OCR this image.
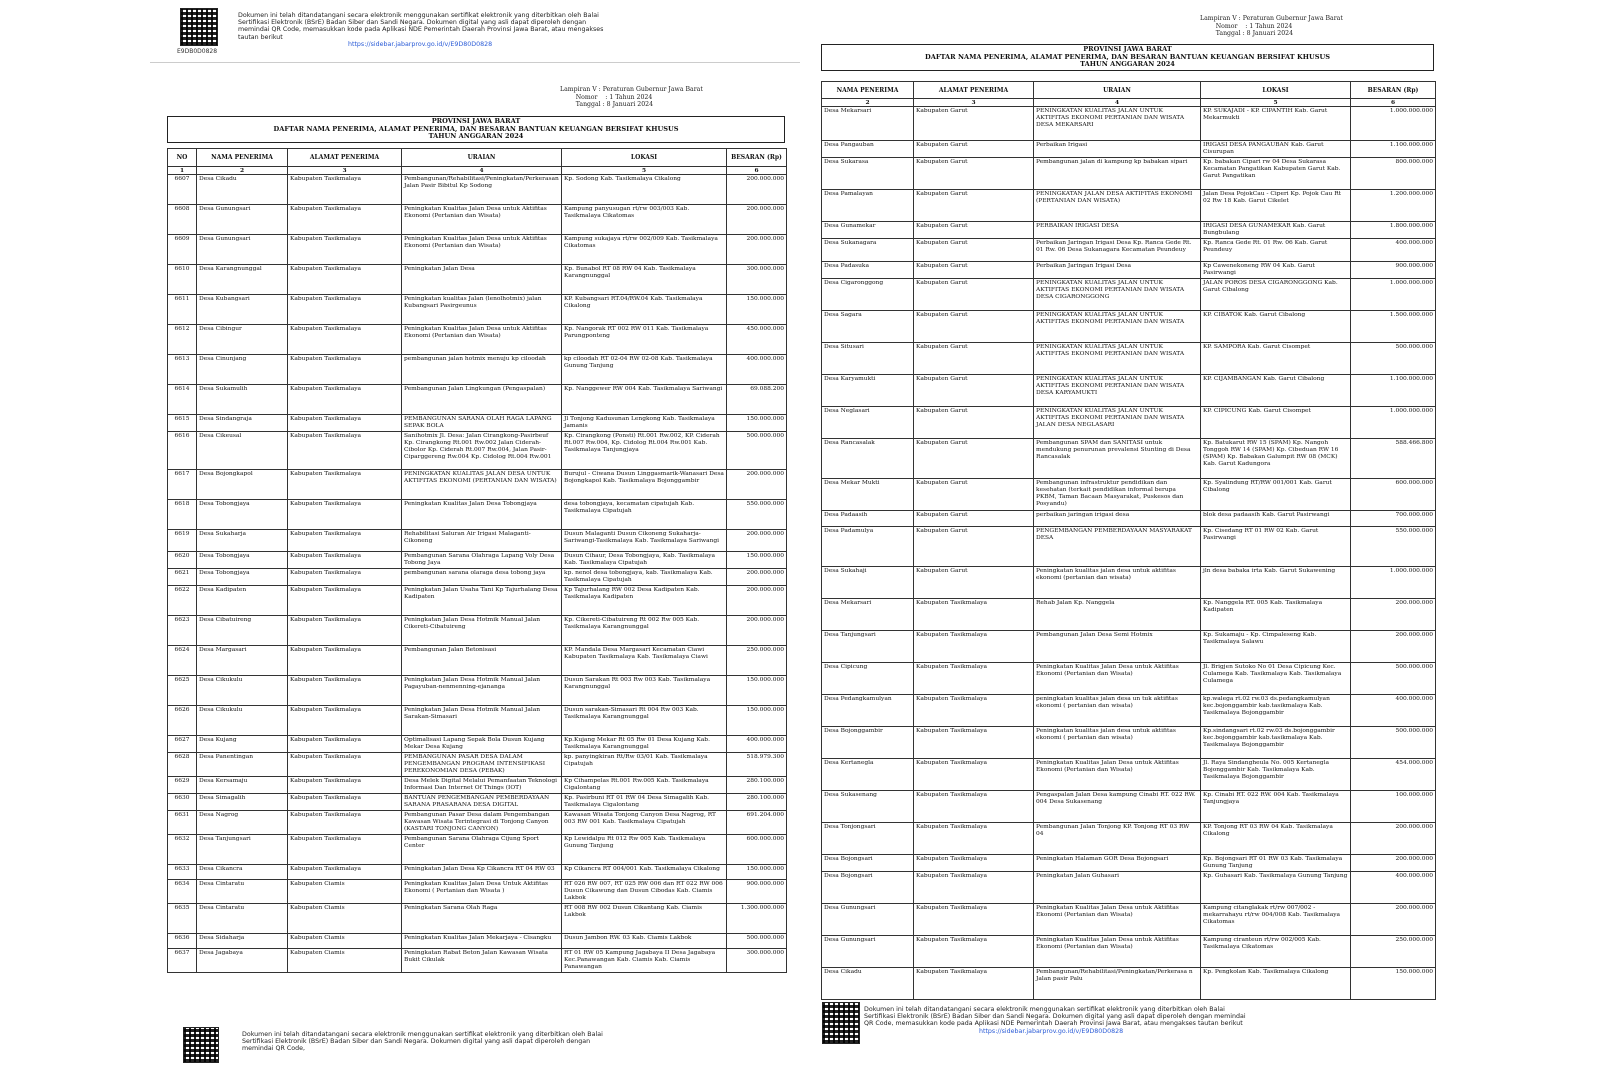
E9DB0D0828
Dokumen ini telah ditandatangani secara elektronik menggunakan sertifikat elektronik yang diterbitkan oleh Balai Sertifikasi Elektronik (BSrE) Badan Siber dan Sandi Negara. Dokumen digital yang asli dapat diperoleh dengan memindai QR Code, memasukkan kode pada Aplikasi NDE Pemerintah Daerah Provinsi Jawa Barat, atau mengakses tautan berikut
https://sidebar.jabarprov.go.id/v/E9D80D0828
Lampiran V : Peraturan Gubernur Jawa Barat
Nomor    : 1 Tahun 2024
Tanggal : 8 Januari 2024
PROVINSI JAWA BARAT
DAFTAR NAMA PENERIMA, ALAMAT PENERIMA, DAN BESARAN BANTUAN KEUANGAN BERSIFAT KHUSUS
TAHUN ANGGARAN 2024
NO	NAMA PENERIMA	ALAMAT PENERIMA	URAIAN	LOKASI	BESARAN (Rp)
1	2	3	4	5	6
6607	Desa Cikadu	Kabupaten Tasikmalaya	Pembangunan/Rehabilitasi/Peningkatan/Perkerasan Jalan Pasir Bibitul Kp Sodong	Kp. Sodong Kab. Tasikmalaya Cikalong	200.000.000
6608	Desa Gunungsari	Kabupaten Tasikmalaya	Peningkatan Kualitas Jalan Desa untuk Aktifitas Ekonomi (Pertanian dan Wisata)	Kampung panyusugan rt/rw 003/003 Kab. Tasikmalaya Cikatomas	200.000.000
6609	Desa Gunungsari	Kabupaten Tasikmalaya	Peningkatan Kualitas Jalan Desa untuk Aktifitas Ekonomi (Pertanian dan Wisata)	Kampung sukajaya rt/rw 002/009 Kab. Tasikmalaya Cikatomas	200.000.000
6610	Desa Karangnunggal	Kabupaten Tasikmalaya	Peningkatan Jalan Desa	Kp. Bunabol RT 08 RW 04 Kab. Tasikmalaya Karangnunggal	300.000.000
6611	Desa Kubangsari	Kabupaten Tasikmalaya	Peningkatan kualitas Jalan (lenolhotmix) jalan Kubangsari Pasirgeunus	KP. Kubangsari RT.04/RW.04 Kab. Tasikmalaya Cikalong	150.000.000
6612	Desa Cibingur	Kabupaten Tasikmalaya	Peningkatan Kualitas Jalan Desa untuk Aktifitas Ekonomi (Pertanian dan Wisata)	Kp. Nangorak RT 002 RW 011 Kab. Tasikmalaya Parungponteng	450.000.000
6613	Desa Cinunjang	Kabupaten Tasikmalaya	pembangunan jalan hotmix menuju kp ciloodah	kp ciloodah RT 02-04 RW 02-08 Kab. Tasikmalaya Gunung Tanjung	400.000.000
6614	Desa Sukamulih	Kabupaten Tasikmalaya	Pembangunan Jalan Lingkungan (Pengaspalan)	Kp. Nanggewer RW 004 Kab. Tasikmalaya Sariwangi	69.088.200
6615	Desa Sindangraja	Kabupaten Tasikmalaya	PEMBANGUNAN SARANA OLAH RAGA LAPANG SEPAK BOLA	Jl Tonjong Kadusunan Lengkong Kab. Tasikmalaya Jamanis	150.000.000
6616	Desa Cikeusal	Kabupaten Tasikmalaya	Sanihotmix Jl. Desa: Jalan Cirangkong-Pasirbeuf Kp. Cirangkong Rt.001 Rw.002 Jalan Ciderah-Cibolor Kp. Ciderah Rt.007 Rw.004, Jalan Pasir-Ciparggereng Rw.004 Kp. Cidolog Rt.004 Rw.001	Kp. Cirangkong (Ponsti) Rt.001 Rw.002, KP. Ciderah Rt.007 Rw.004, Kp. Cidolog Rt.004 Rw.001 Kab. Tasikmalaya Tanjungjaya	500.000.000
6617	Desa Bojongkapol	Kabupaten Tasikmalaya	PENINGKATAN KUALITAS JALAN DESA UNTUK AKTIFITAS EKONOMI (PERTANIAN DAN WISATA)	Burujul - Ciwana Dusun Linggasmarik-Wanasari Desa Bojongkapol Kab. Tasikmalaya Bojonggambir	200.000.000
6618	Desa Tobongjaya	Kabupaten Tasikmalaya	Peningkatan Kualitas Jalan Desa Tobongjaya	desa tobongjaya, kecamatan cipatujah Kab. Tasikmalaya Cipatujah	550.000.000
6619	Desa Sukaharja	Kabupaten Tasikmalaya	Rehabilitasi Saluran Air Irigasi Malaganti-Cikoneng	Dusun Malaganti Dusun Cikoneng Sukaharja-Sariwangi-Tasikmalaya Kab. Tasikmalaya Sariwangi	200.000.000
6620	Desa Tobongjaya	Kabupaten Tasikmalaya	Pembangunan Sarana Olahraga Lapang Voly Desa Tobong Jaya	Dusun Cihaur, Desa Tobongjaya, Kab. Tasikmalaya Kab. Tasikmalaya Cipatujah	150.000.000
6621	Desa Tobongjaya	Kabupaten Tasikmalaya	pembangunan sarana olaraga desa tobong jaya	kp. nenol desa tobongjaya, kab. Tasikmalaya Kab. Tasikmalaya Cipatujah	200.000.000
6622	Desa Kadipaten	Kabupaten Tasikmalaya	Peningkatan Jalan Usaha Tani Kp Tajurhalang Desa Kadipaten	Kp Tajurhalang RW 002 Desa Kadipaten Kab. Tasikmalaya Kadipaten	200.000.000
6623	Desa Cibatuireng	Kabupaten Tasikmalaya	Peningkatan Jalan Desa Hotmik Manual Jalan Cikereti-Cibatuireng	Kp. Cikereti-Cibatuireng Rt 002 Rw 005 Kab. Tasikmalaya Karangnunggal	200.000.000
6624	Desa Margasari	Kabupaten Tasikmalaya	Pembangunan Jalan Betonisasi	KP. Mandala Desa Margasari Kecamatan Ciawi Kabupaten Tasikmalaya Kab. Tasikmalaya Ciawi	250.000.000
6625	Desa Cikukulu	Kabupaten Tasikmalaya	Peningkatan Jalan Desa Hotmik Manual Jalan Pagayuban-nenmenning-ejananga	Dusun Sarakan Rt 003 Rw 003 Kab. Tasikmalaya Karangnunggal	150.000.000
6626	Desa Cikukulu	Kabupaten Tasikmalaya	Peningkatan Jalan Desa Hotmik Manual Jalan Sarakan-Simasari	Dusun sarakan-Simasari Rt 004 Rw 003 Kab. Tasikmalaya Karangnunggal	150.000.000
6627	Desa Kujang	Kabupaten Tasikmalaya	Optimalisasi Lapang Sepak Bola Dusun Kujang Mekar Desa Kujang	Kp.Kujang Mekar Rt 05 Rw 01 Desa Kujang Kab. Tasikmalaya Karangnunggal	400.000.000
6628	Desa Panentingan	Kabupaten Tasikmalaya	PEMBANGUNAN PASAR DESA DALAM PENGEMBANGAN PROGRAM INTENSIFIKASI PEREKONOMIAN DESA (PEBAK)	kp. panyingkiran Rt/Rw 03/01 Kab. Tasikmalaya Cipatujah	518.979.300
6629	Desa Kersamaju	Kabupaten Tasikmalaya	Desa Melek Digital Melalui Pemanfaatan Teknologi Informasi Dan Internet Of Things (IOT)	Kp Cihampelas Rt.001 Rw.005 Kab. Tasikmalaya Cigalontang	280.100.000
6630	Desa Simagalih	Kabupaten Tasikmalaya	BANTUAN PENGEMBANGAN PEMBERDAYAAN SARANA PRASARANA DESA DIGITAL	Kp. Pasirbuni RT 01 RW 04 Desa Simagalih Kab. Tasikmalaya Cigalontang	280.100.000
6631	Desa Nagrog	Kabupaten Tasikmalaya	Pembangunan Pasar Desa dalam Pengembangan Kawasan Wisata Terintegrasi di Tonjong Canyon (KASTARI TONJONG CANYON)	Kawasan Wisata Tonjong Canyon Desa Nagrog, RT 003 RW 001 Kab. Tasikmalaya Cipatujah	691.204.000
6632	Desa Tanjungsari	Kabupaten Tasikmalaya	Pembangunan Sarana Olahraga Cijung Sport Center	Kp Lewidalpu Rt 012 Rw 005 Kab. Tasikmalaya Gunung Tanjung	600.000.000
6633	Desa Cikancra	Kabupaten Tasikmalaya	Peningkatan Jalan Desa Kp Cikancra RT 04 RW 03	Kp Cikancra RT 004/001 Kab. Tasikmalaya Cikalong	150.000.000
6634	Desa Cintaratu	Kabupaten Ciamis	Peningkatan Kualitas Jalan Desa Untuk Aktifitas Ekonomi ( Pertanian dan Wisata )	RT 026 RW 007, RT 025 RW 006 dan RT 022 RW 006 Dusun Cikawung dan Dusun Cibodas Kab. Ciamis Lakbok	900.000.000
6635	Desa Cintaratu	Kabupaten Ciamis	Peningkatan Sarana Olah Raga	RT 008 RW 002 Dusun Cikantang Kab. Ciamis Lakbok	1.300.000.000
6636	Desa Sidaharja	Kabupaten Ciamis	Peningkatan Kualitas Jalan Mekarjaya - Cisangku	Dusun Jambon RW. 03 Kab. Ciamis Lakbok	500.000.000
6637	Desa Jagabaya	Kabupaten Ciamis	Peningkatan Rabat Beton Jalan Kawasan Wisata Bukit Cikulak	RT 01 RW 05 Kampung Jagabaya II Desa Jagabaya Kec.Panawangan Kab. Ciamis Kab. Ciamis Panawangan	300.000.000
Dokumen ini telah ditandatangani secara elektronik menggunakan sertifikat elektronik yang diterbitkan oleh Balai Sertifikasi Elektronik (BSrE) Badan Siber dan Sandi Negara. Dokumen digital yang asli dapat diperoleh dengan memindai QR Code,
Lampiran V : Peraturan Gubernur Jawa Barat
Nomor    : 1 Tahun 2024
Tanggal : 8 Januari 2024
PROVINSI JAWA BARAT
DAFTAR NAMA PENERIMA, ALAMAT PENERIMA, DAN BESARAN BANTUAN KEUANGAN BERSIFAT KHUSUS
TAHUN ANGGARAN 2024
NAMA PENERIMA	ALAMAT PENERIMA	URAIAN	LOKASI	BESARAN (Rp)
2	3	4	5	6
Desa Mekarsari	Kabupaten Garut	PENINGKATAN KUALITAS JALAN UNTUK AKTIFITAS EKONOMI PERTANIAN DAN WISATA DESA MEKARSARI	KP. SUKAJADI - KP. CIPANTIH Kab. Garut Mekarmukti	1.000.000.000
Desa Pangauban	Kabupaten Garut	Perbaikan Irigasi	IRIGASI DESA PANGAUBAN Kab. Garut Cisurupan	1.100.000.000
Desa Sukarasa	Kabupaten Garut	Pembangunan jalan di kampung kp babakan sipari	Kp. babakan Cipari rw 04 Desa Sukarasa Kecamatan Pangatikan Kabupaten Garut Kab. Garut Pangatikan	800.000.000
Desa Pamalayan	Kabupaten Garut	PENINGKATAN JALAN DESA AKTIFITAS EKONOMI (PERTANIAN DAN WISATA)	Jalan Desa PojokCau - Ciperi Kp. Pojok Cau Rt 02 Rw 18 Kab. Garut Cikelet	1.200.000.000
Desa Gunamekar	Kabupaten Garut	PERBAIKAN IRIGASI DESA	IRIGASI DESA GUNAMEKAR Kab. Garut Bungbulang	1.800.000.000
Desa Sukanagara	Kabupaten Garut	Perbaikan Jaringan Irigasi Desa Kp. Ranca Gede Rt. 01 Rw. 06 Desa Sukanagara Kecamatan Peundeuy	Kp. Ranca Gede Rt. 01 Rw. 06 Kab. Garut Peundeuy	400.000.000
Desa Padasuka	Kabupaten Garut	Perbaikan Jaringan Irigasi Desa	Kp Cawenekoneng RW 04 Kab. Garut Pasirwangi	900.000.000
Desa Cigaronggong	Kabupaten Garut	PENINGKATAN KUALITAS JALAN UNTUK AKTIFITAS EKONOMI PERTANIAN DAN WISATA DESA CIGARONGGONG	JALAN POROS DESA CIGARONGGONG Kab. Garut Cibalong	1.000.000.000
Desa Sagara	Kabupaten Garut	PENINGKATAN KUALITAS JALAN UNTUK AKTIFITAS EKONOMI PERTANIAN DAN WISATA	KP. CIBATOK Kab. Garut Cibalong	1.500.000.000
Desa Situsari	Kabupaten Garut	PENINGKATAN KUALITAS JALAN UNTUK AKTIFITAS EKONOMI PERTANIAN DAN WISATA	KP. SAMPORA Kab. Garut Cisompet	500.000.000
Desa Karyamukti	Kabupaten Garut	PENINGKATAN KUALITAS JALAN UNTUK AKTIFITAS EKONOMI PERTANIAN DAN WISATA DESA KARYAMUKTI	KP. CIJAMBANGAN Kab. Garut Cibalong	1.100.000.000
Desa Neglasari	Kabupaten Garut	PENINGKATAN KUALITAS JALAN UNTUK AKTIFITAS EKONOMI PERTANIAN DAN WISATA JALAN DESA NEGLASARI	KP. CIPICUNG Kab. Garut Cisompet	1.000.000.000
Desa Rancasalak	Kabupaten Garut	Pembangunan SPAM dan SANITASI untuk mendukung penurunan prevalensi Stunting di Desa Rancasalak	Kp. Batukarut RW 15 (SPAM) Kp. Nangoh Tonggoh RW 14 (SPAM) Kp. Cibeduan RW 16 (SPAM) Kp. Babakan Galumpit RW 08 (MCK) Kab. Garut Kadungora	588.466.800
Desa Mekar Mukti	Kabupaten Garut	Pembangunan infrastruktur pendidikan dan kesehatan (terkait pendidikan informal berupa PKBM, Taman Bacaan Masyarakat, Puskesos dan Posyandu)	Kp. Syalindung RT/RW 001/001 Kab. Garut Cibalong	600.000.000
Desa Padaasih	Kabupaten Garut	perbaikan jaringan irigasi desa	blok desa padaasih Kab. Garut Pasirwangi	700.000.000
Desa Padamulya	Kabupaten Garut	PENGEMBANGAN PEMBERDAYAAN MASYARAKAT DESA	Kp. Cisedang RT 01 RW 02 Kab. Garut Pasirwangi	550.000.000
Desa Sukahaji	Kabupaten Garut	Peningkatan kualitas jalan desa untuk aktifitas ekonomi (pertanian dan wisata)	jln desa babaka irta Kab. Garut Sukawening	1.000.000.000
Desa Mekarsari	Kabupaten Tasikmalaya	Rehab Jalan Kp. Nanggela	Kp. Nanggela RT. 005 Kab. Tasikmalaya Kadipaten	200.000.000
Desa Tanjungsari	Kabupaten Tasikmalaya	Pembangunan Jalan Desa Semi Hotmix	Kp. Sukamaju - Kp. Cimpaleseng Kab. Tasikmalaya Salawu	200.000.000
Desa Cipicung	Kabupaten Tasikmalaya	Peningkatan Kualitas Jalan Desa untuk Aktifitas Ekonomi (Pertanian dan Wisata)	Jl. Brigjen Sutoko No 01 Desa Cipicung Kec. Culamega Kab. Tasikmalaya Kab. Tasikmalaya Culamega	500.000.000
Desa Pedangkamulyan	Kabupaten Tasikmalaya	peningkatan kualitas jalan desa un tuk aktifitas ekonomi ( pertanian dan wisata)	kp.walega rt.02 rw.03 ds.pedangkamulyan kec.bojonggambir kab.tasikmalaya Kab. Tasikmalaya Bojonggambir	400.000.000
Desa Bojonggambir	Kabupaten Tasikmalaya	Peningkatan kualitas jalan desa untuk aktifitas ekonomi ( pertanian dan wisata)	Kp.sindangsari rt.02 rw.03 ds.bojonggambir kec.bojonggambir kab.tasikmalaya Kab. Tasikmalaya Bojonggambir	500.000.000
Desa Kertanegla	Kabupaten Tasikmalaya	Peningkatan Kualitas Jalan Desa untuk Aktifitas Ekonomi (Pertanian dan Wisata)	Jl. Raya Sindangheula No. 005 Kertanegla Bojonggambir Kab. Tasikmalaya Kab. Tasikmalaya Bojonggambir	454.000.000
Desa Sukasenang	Kabupaten Tasikmalaya	Pengaspalan Jalan Desa kampung Cinabi RT. 022 RW. 004 Desa Sukasenang	Kp. Cinabi RT. 022 RW. 004 Kab. Tasikmalaya Tanjungjaya	100.000.000
Desa Tonjongsari	Kabupaten Tasikmalaya	Pembangunan Jalan Tonjong KP. Tonjong RT 03 RW 04	KP. Tonjong RT 03 RW 04 Kab. Tasikmalaya Cikalong	200.000.000
Desa Bojongsari	Kabupaten Tasikmalaya	Peningkatan Halaman GOR Desa Bojongsari	Kp. Bojongsari RT 01 RW 03 Kab. Tasikmalaya Gunung Tanjung	200.000.000
Desa Bojongsari	Kabupaten Tasikmalaya	Peningkatan Jalan Guhasari	Kp. Guhasari Kab. Tasikmalaya Gunung Tanjung	400.000.000
Desa Gunungsari	Kabupaten Tasikmalaya	Peningkatan Kualitas Jalan Desa untuk Aktifitas Ekonomi (Pertanian dan Wisata)	Kampung citanglakak rt/rw 007/002 - mekarrahayu rt/rw 004/008 Kab. Tasikmalaya Cikatomas	200.000.000
Desa Gunungsari	Kabupaten Tasikmalaya	Peningkatan Kualitas Jalan Desa untuk Aktifitas Ekonomi (Pertanian dan Wisata)	Kampung ciranteun rt/rw 002/005 Kab. Tasikmalaya Cikatomas	250.000.000
Desa Cikadu	Kabupaten Tasikmalaya	Pembangunan/Rehabilitasi/Peningkatan/Perkerasa n Jalan pasir Palu	Kp. Pengkolan Kab. Tasikmalaya Cikalong	150.000.000
Dokumen ini telah ditandatangani secara elektronik menggunakan sertifikat elektronik yang diterbitkan oleh Balai Sertifikasi Elektronik (BSrE) Badan Siber dan Sandi Negara. Dokumen digital yang asli dapat diperoleh dengan memindai QR Code, memasukkan kode pada Aplikasi NDE Pemerintah Daerah Provinsi Jawa Barat, atau mengakses tautan berikut
https://sidebar.jabarprov.go.id/v/E9D80D0828
